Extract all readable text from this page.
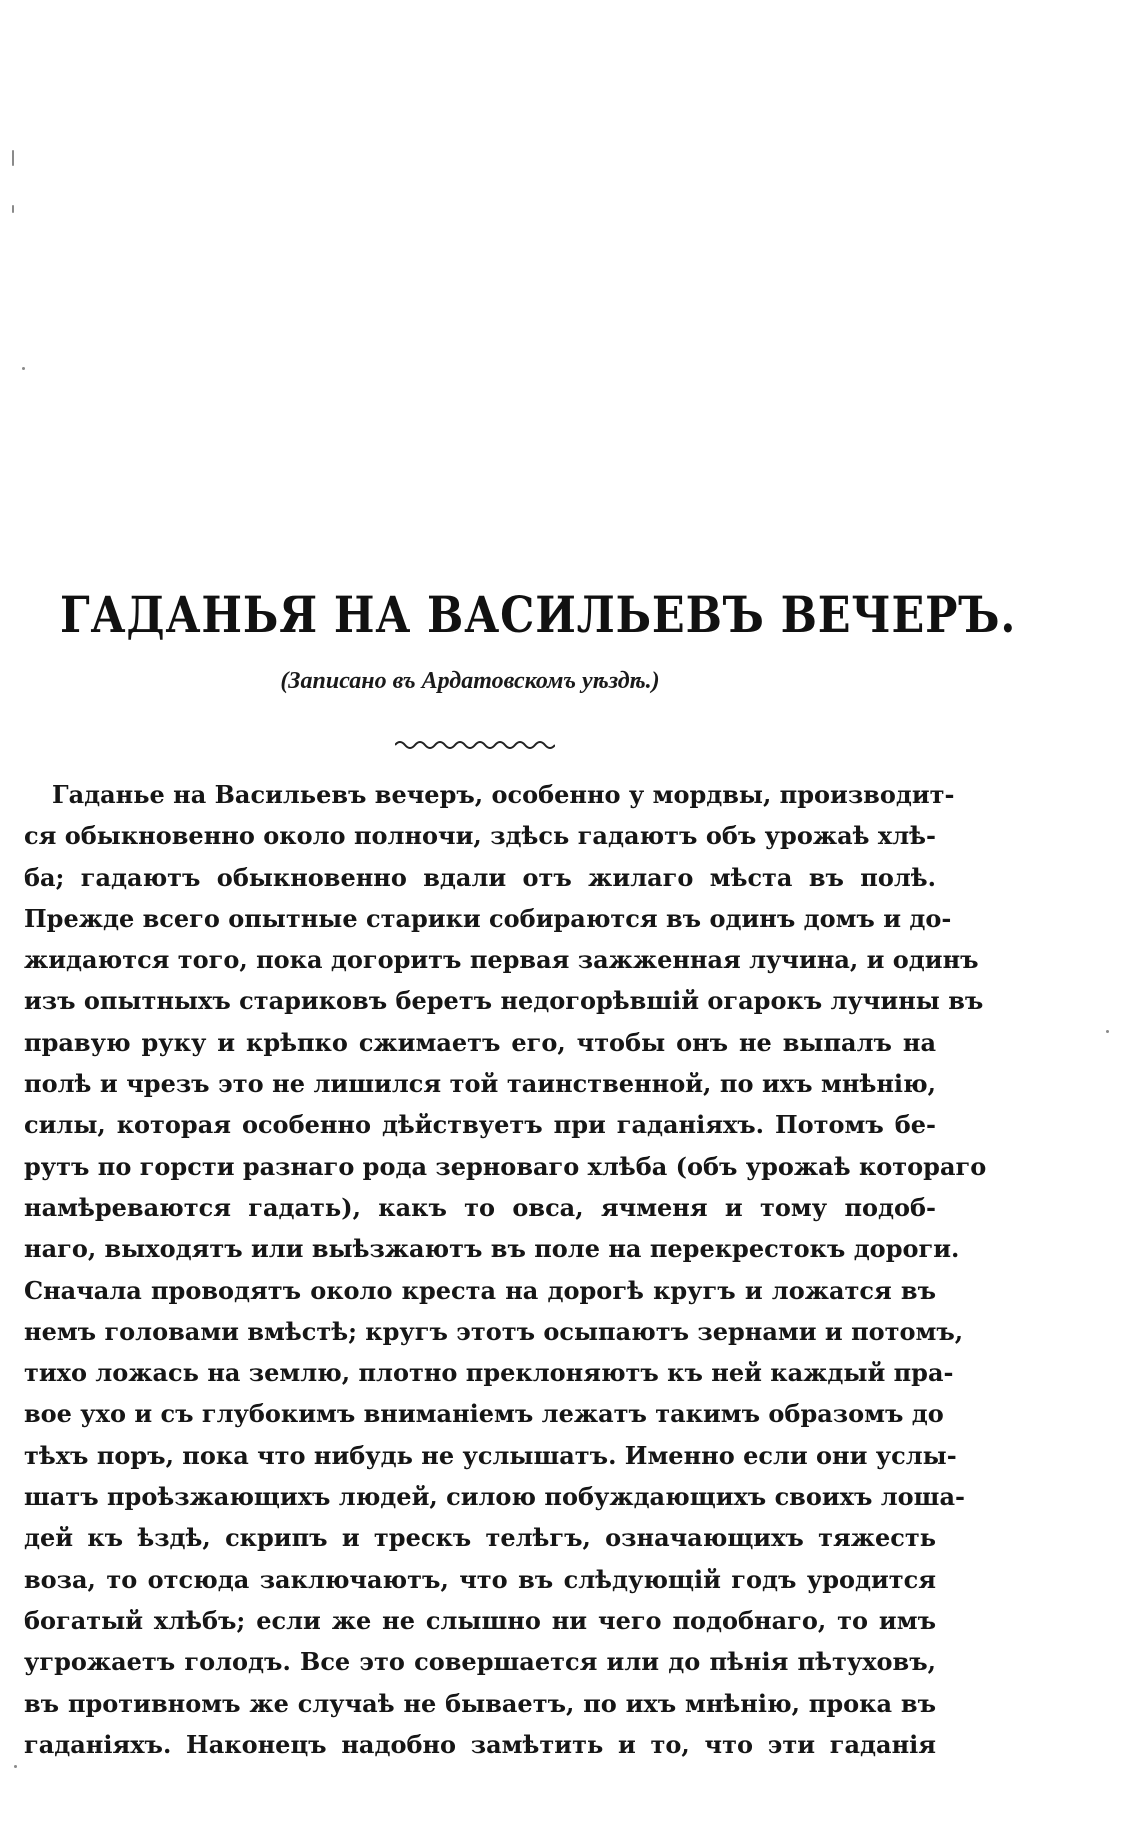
ГАДАНЬЯ НА ВАСИЛЬЕВЪ ВЕЧЕРЪ.
(Записано въ Ардатовскомъ уѣздѣ.)
Гаданье на Васильевъ вечеръ, особенно у мордвы, производит-
ся обыкновенно около полночи, здѣсь гадаютъ объ урожаѣ хлѣ-
ба; гадаютъ обыкновенно вдали отъ жилаго мѣста въ полѣ.
Прежде всего опытные старики собираются въ одинъ домъ и до-
жидаются того, пока догоритъ первая зажженная лучина, и одинъ
изъ опытныхъ стариковъ беретъ недогорѣвшій огарокъ лучины въ
правую руку и крѣпко сжимаетъ его, чтобы онъ не выпалъ на
полѣ и чрезъ это не лишился той таинственной, по ихъ мнѣнію,
силы, которая особенно дѣйствуетъ при гаданіяхъ. Потомъ бе-
рутъ по горсти разнаго рода зерноваго хлѣба (объ урожаѣ котораго
намѣреваются гадать), какъ то овса, ячменя и тому подоб-
наго, выходятъ или выѣзжаютъ въ поле на перекрестокъ дороги.
Сначала проводятъ около креста на дорогѣ кругъ и ложатся въ
немъ головами вмѣстѣ; кругъ этотъ осыпаютъ зернами и потомъ,
тихо ложась на землю, плотно преклоняютъ къ ней каждый пра-
вое ухо и съ глубокимъ вниманіемъ лежатъ такимъ образомъ до
тѣхъ поръ, пока что нибудь не услышатъ. Именно если они услы-
шатъ проѣзжающихъ людей, силою побуждающихъ своихъ лоша-
дей къ ѣздѣ, скрипъ и трескъ телѣгъ, означающихъ тяжесть
воза, то отсюда заключаютъ, что въ слѣдующій годъ уродится
богатый хлѣбъ; если же не слышно ни чего подобнаго, то имъ
угрожаетъ голодъ. Все это совершается или до пѣнія пѣтуховъ,
въ противномъ же случаѣ не бываетъ, по ихъ мнѣнію, прока въ
гаданіяхъ. Наконецъ надобно замѣтить и то, что эти гаданія
